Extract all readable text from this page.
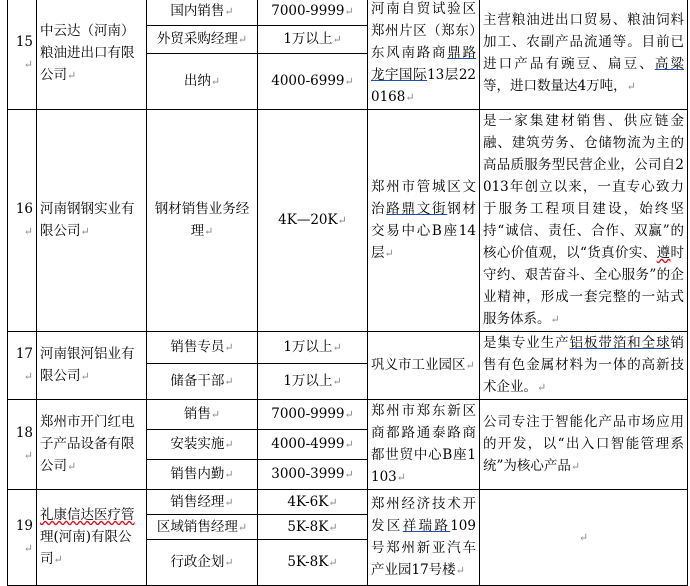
15↵	中云达（河南）粮油进出口有限公司↵	国内销售↵	7000-9999↵	河南自贸试验区郑州片区（郑东）东风南路商鼎路龙宇国际13层220168↵	主营粮油进出口贸易、粮油饲料加工、农副产品流通等。目前已进口产品有豌豆、扁豆、高粱等，进口数量达4万吨，↵
		外贸采购经理↵	1万以上↵		
		出纳↵	4000-6999↵		
16↵	河南钢钢实业有限公司↵	钢材销售业务经理↵	4K—20K↵	郑州市管城区文治路鼎文街钢材交易中心B座14层↵	是一家集建材销售、供应链金融、建筑劳务、仓储物流为主的高品质服务型民营企业，公司自2013年创立以来，一直专心致力于服务工程项目建设，始终坚持“诚信、责任、合作、双赢”的核心价值观，以“货真价实、遵时守约、艰苦奋斗、全心服务”的企业精神，形成一套完整的一站式服务体系。↵
17↵	河南银河铝业有限公司↵	销售专员↵	1万以上↵	巩义市工业园区↵	是集专业生产铝板带箔和全球销售有色金属材料为一体的高新技术企业。↵
		储备干部↵	1万以上↵		
18↵	郑州市开门红电子产品设备有限公司↵	销售↵	7000-9999↵	郑州市郑东新区商都路通泰路商都世贸中心B座1103↵	公司专注于智能化产品市场应用的开发，以“出入口智能管理系统”为核心产品↵
		安装实施↵	4000-4999↵		
		销售内勤↵	3000-3999↵		
19↵	礼康信达医疗管理(河南)有限公司↵	销售经理↵	4K-6K↵	郑州经济技术开发区祥瑞路109号郑州新亚汽车产业园17号楼↵	↵
		区域销售经理↵	5K-8K↵		
		行政企划↵	5K-8K↵		
